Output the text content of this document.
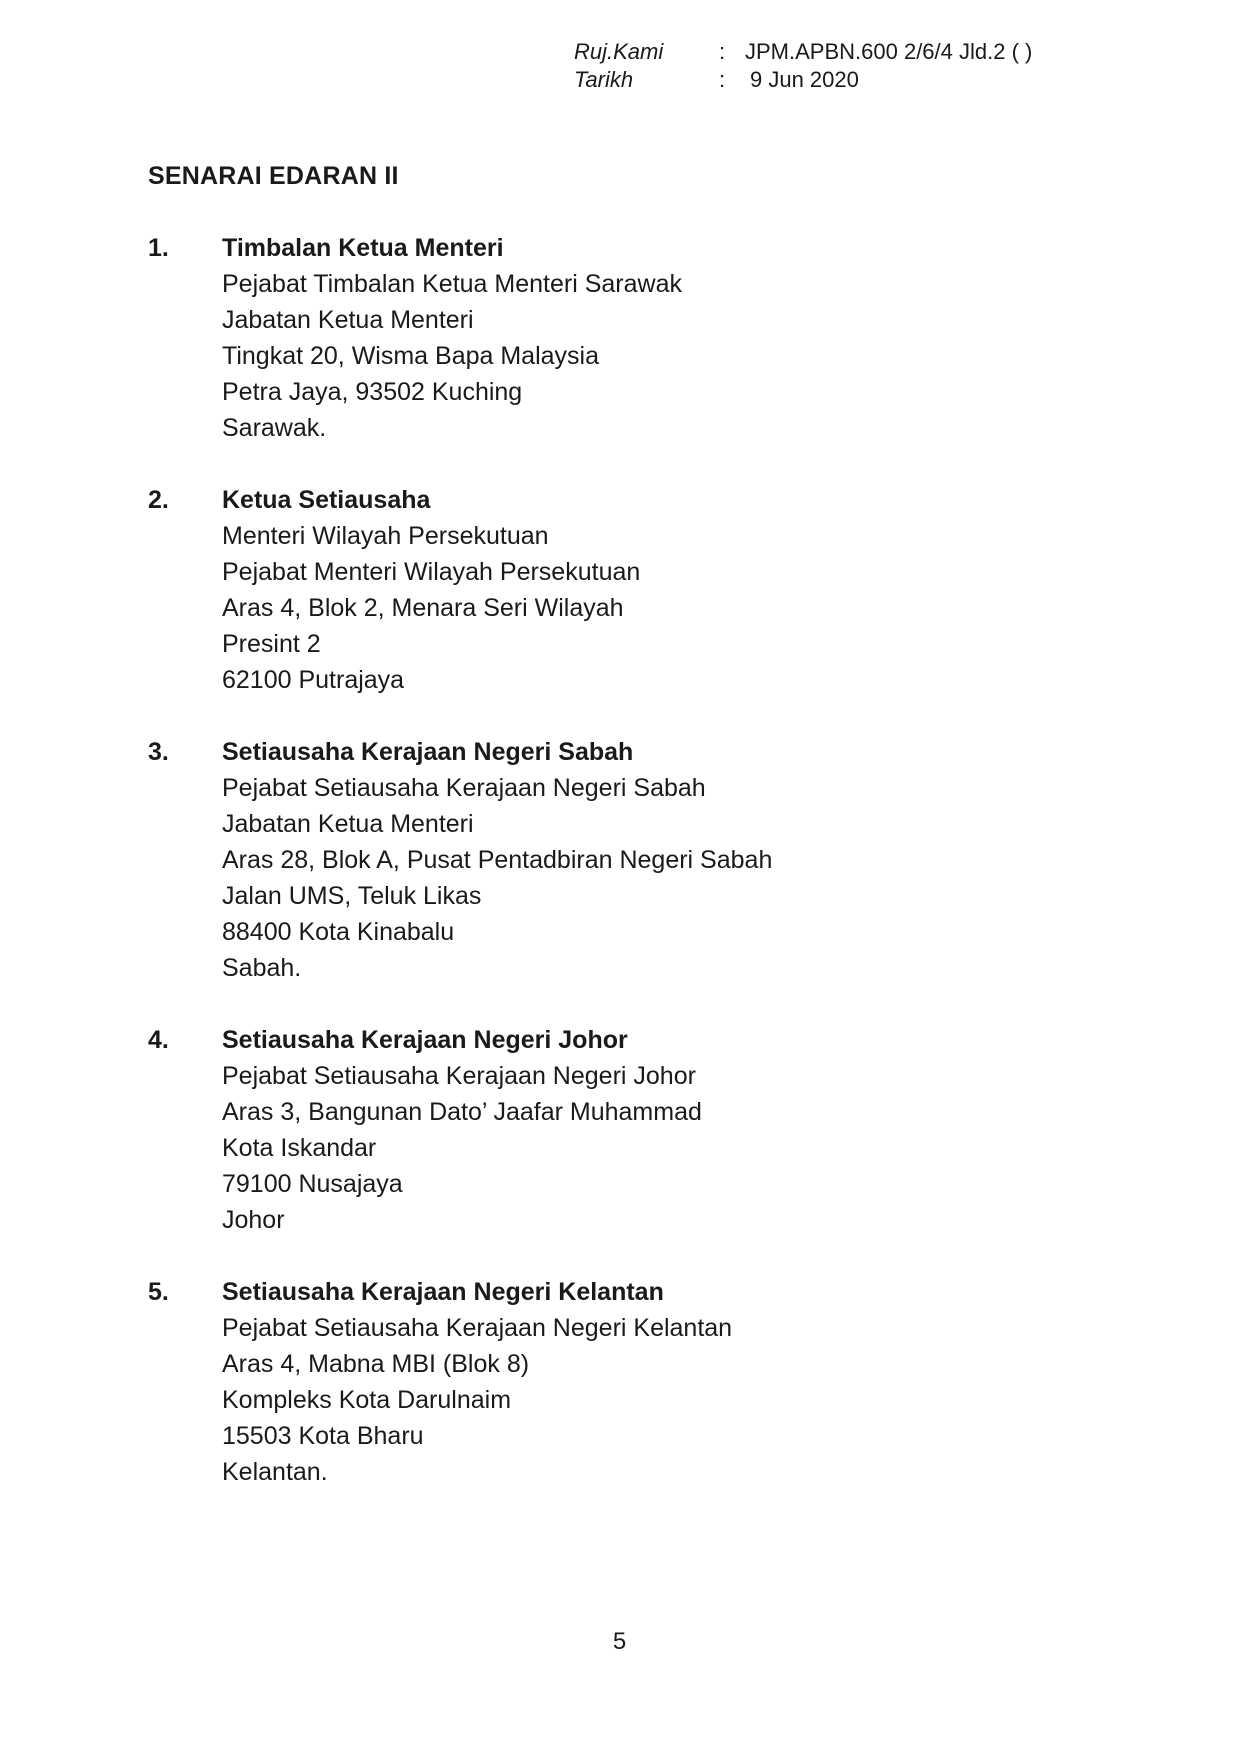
Ruj.Kami	: JPM.APBN.600 2/6/4 Jld.2 ( )
Tarikh	:	9 Jun 2020
SENARAI EDARAN II
1.	Timbalan Ketua Menteri
Pejabat Timbalan Ketua Menteri Sarawak
Jabatan Ketua Menteri
Tingkat 20, Wisma Bapa Malaysia
Petra Jaya, 93502 Kuching
Sarawak.
2.	Ketua Setiausaha
Menteri Wilayah Persekutuan
Pejabat Menteri Wilayah Persekutuan
Aras 4, Blok 2, Menara Seri Wilayah
Presint 2
62100 Putrajaya
3.	Setiausaha Kerajaan Negeri Sabah
Pejabat Setiausaha Kerajaan Negeri Sabah
Jabatan Ketua Menteri
Aras 28, Blok A, Pusat Pentadbiran Negeri Sabah
Jalan UMS, Teluk Likas
88400 Kota Kinabalu
Sabah.
4.	Setiausaha Kerajaan Negeri Johor
Pejabat Setiausaha Kerajaan Negeri Johor
Aras 3, Bangunan Dato’ Jaafar Muhammad
Kota Iskandar
79100 Nusajaya
Johor
5.	Setiausaha Kerajaan Negeri Kelantan
Pejabat Setiausaha Kerajaan Negeri Kelantan
Aras 4, Mabna MBI (Blok 8)
Kompleks Kota Darulnaim
15503 Kota Bharu
Kelantan.
5
